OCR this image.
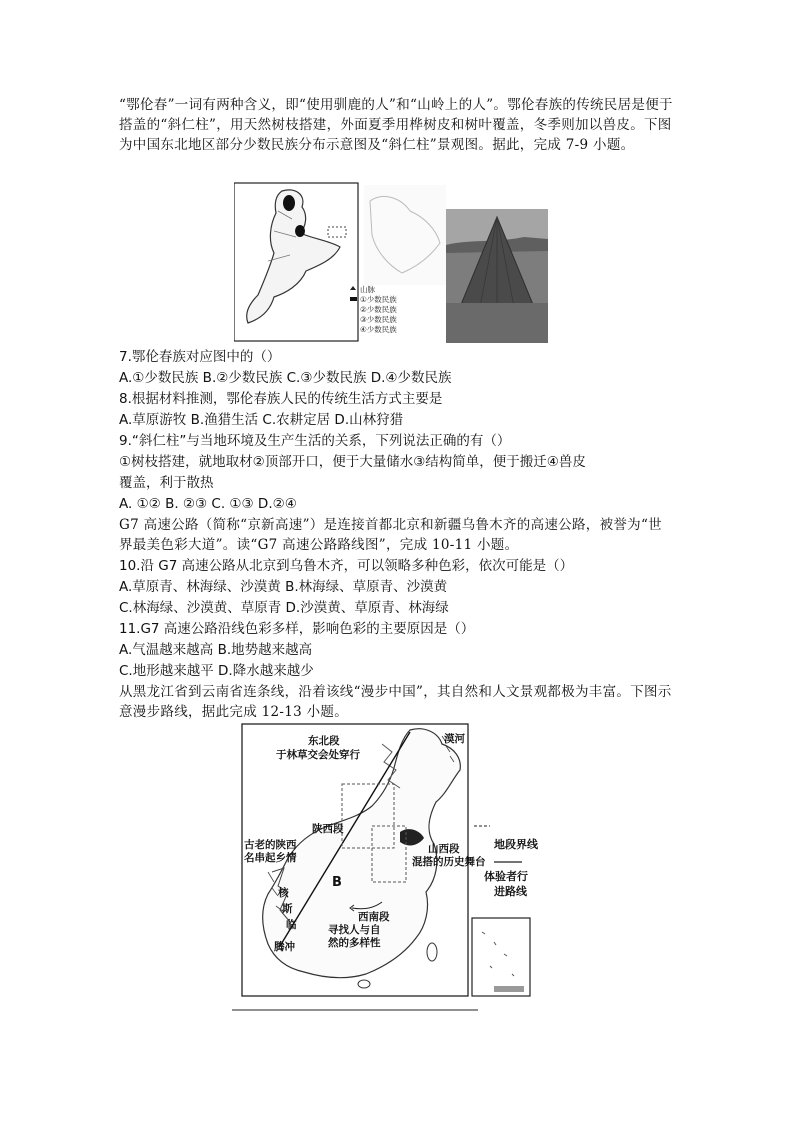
“鄂伦春”一词有两种含义，即“使用驯鹿的人”和“山岭上的人”。鄂伦春族的传统民居是便于搭盖的“斜仁柱”，用天然树枝搭建，外面夏季用桦树皮和树叶覆盖，冬季则加以兽皮。下图为中国东北地区部分少数民族分布示意图及“斜仁柱”景观图。据此，完成 7-9 小题。
山脉
①少数民族
②少数民族
③少数民族
④少数民族
7.鄂伦春族对应图中的（）
A.①少数民族 B.②少数民族 C.③少数民族 D.④少数民族
8.根据材料推测，鄂伦春族人民的传统生活方式主要是
A.草原游牧 B.渔猎生活 C.农耕定居 D.山林狩猎
9.“斜仁柱”与当地环境及生产生活的关系，下列说法正确的有（）
①树枝搭建，就地取材②顶部开口，便于大量储水③结构简单，便于搬迁④兽皮
覆盖，利于散热
A. ①② B. ②③ C. ①③ D.②④
G7 高速公路（简称“京新高速”）是连接首都北京和新疆乌鲁木齐的高速公路，被誉为“世界最美色彩大道”。读“G7 高速公路路线图”，完成 10-11 小题。
10.沿 G7 高速公路从北京到乌鲁木齐，可以领略多种色彩，依次可能是（）
A.草原青、林海绿、沙漠黄 B.林海绿、草原青、沙漠黄
C.林海绿、沙漠黄、草原青 D.沙漠黄、草原青、林海绿
11.G7 高速公路沿线色彩多样，影响色彩的主要原因是（）
A.气温越来越高 B.地势越来越高
C.地形越来越平 D.降水越来越少
从黑龙江省到云南省连条线，沿着该线“漫步中国”，其自然和人文景观都极为丰富。下图示意漫步路线，据此完成 12-13 小题。
东北段
于林草交会处穿行
漠河
陕西段
古老的陕西
名串起乡情
山西段
混搭的历史舞台
B
核
斯
临
腾冲
西南段
寻找人与自
然的多样性
地段界线
体验者行
进路线
